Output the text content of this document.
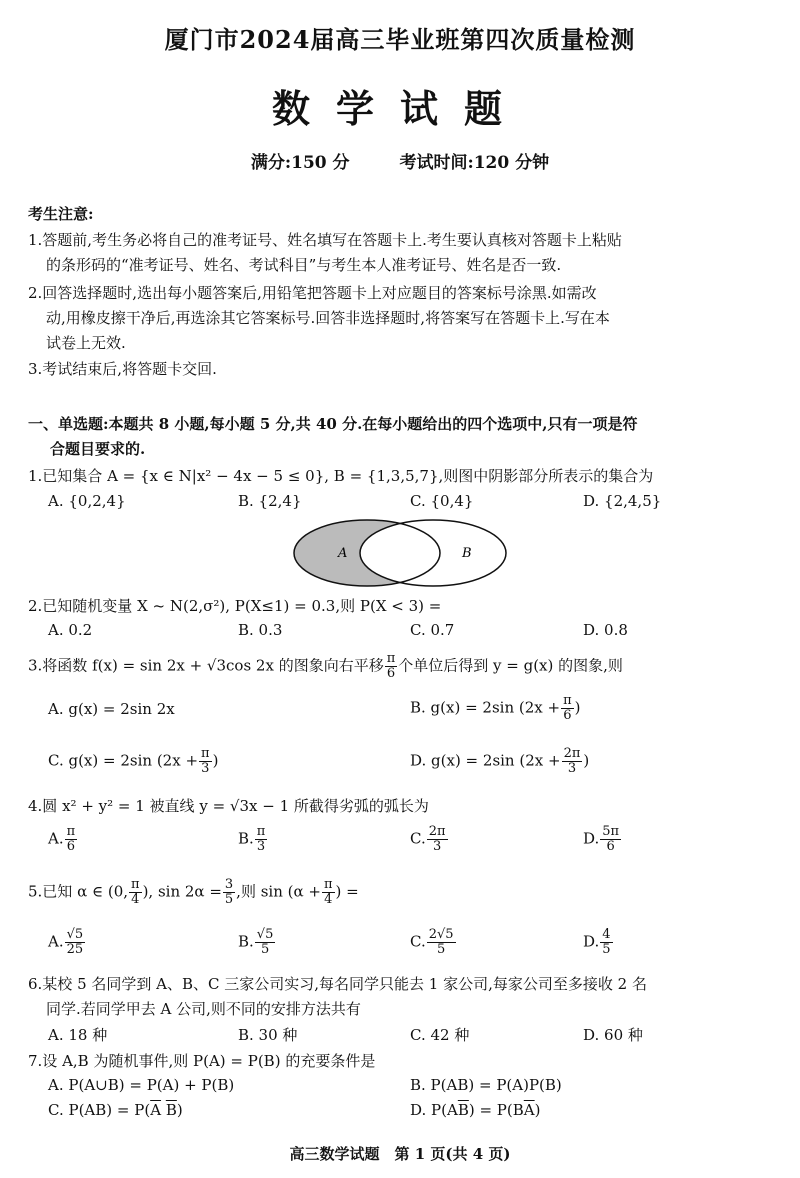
厦门市2024届高三毕业班第四次质量检测
数学试题
满分:150 分	考试时间:120 分钟
考生注意:
1.答题前,考生务必将自己的准考证号、姓名填写在答题卡上.考生要认真核对答题卡上粘贴
的条形码的“准考证号、姓名、考试科目”与考生本人准考证号、姓名是否一致.
2.回答选择题时,选出每小题答案后,用铅笔把答题卡上对应题目的答案标号涂黑.如需改
动,用橡皮擦干净后,再选涂其它答案标号.回答非选择题时,将答案写在答题卡上.写在本
试卷上无效.
3.考试结束后,将答题卡交回.
一、单选题:本题共 8 小题,每小题 5 分,共 40 分.在每小题给出的四个选项中,只有一项是符
合题目要求的.
1.已知集合 A = {x ∈ N|x² − 4x − 5 ≤ 0}, B = {1,3,5,7},则图中阴影部分所表示的集合为
A. {0,2,4}	B. {2,4}	C. {0,4}	D. {2,4,5}
A	B
2.已知随机变量 X ~ N(2,σ²), P(X≤1) = 0.3,则 P(X < 3) =
A. 0.2	B. 0.3	C. 0.7	D. 0.8
3.将函数 f(x) = sin 2x + √3cos 2x 的图象向右平移 $\frac{\pi}{6}$ 个单位后得到 y = g(x) 的图象,则
A. g(x) = 2sin 2x	B. g(x) = 2sin ($2x + \frac{\pi}{6}$ )
C. g(x) = 2sin ($2x + \frac{\pi}{3}$ )	D. g(x) = 2sin ($2x + \frac{2\pi}{3}$ )
4.圆 x² + y² = 1 被直线 y = √3x − 1 所截得劣弧的弧长为
A. $\frac{\pi}{6}$	B. $\frac{\pi}{3}$	C. $\frac{2\pi}{3}$	D. $\frac{5\pi}{6}$
5.已知 α ∈ (0, $\frac{\pi}{4}$ ), $\sin 2\alpha = \frac{3}{5}$ ,则 $\sin (\alpha + \frac{\pi}{4}$ ) =
A. $\frac{√5}{25}$	B. $\frac{√5}{5}$	C. $\frac{2√5}{5}$	D. $\frac{4}{5}$
6.某校 5 名同学到 A、B、C 三家公司实习,每名同学只能去 1 家公司,每家公司至多接收 2 名
同学.若同学甲去 A 公司,则不同的安排方法共有
A. 18 种	B. 30 种	C. 42 种	D. 60 种
7.设 A,B 为随机事件,则 P(A) = P(B) 的充要条件是
A. P(A∪B) = P(A) + P(B)	B. P(AB) = P(A)P(B)
C. $P(AB) = P(\overline{A}$ $\overline{B}$)	D. $P(A\overline{B}) = P(B\overline{A})$
高三数学试题　第 1 页(共 4 页)
